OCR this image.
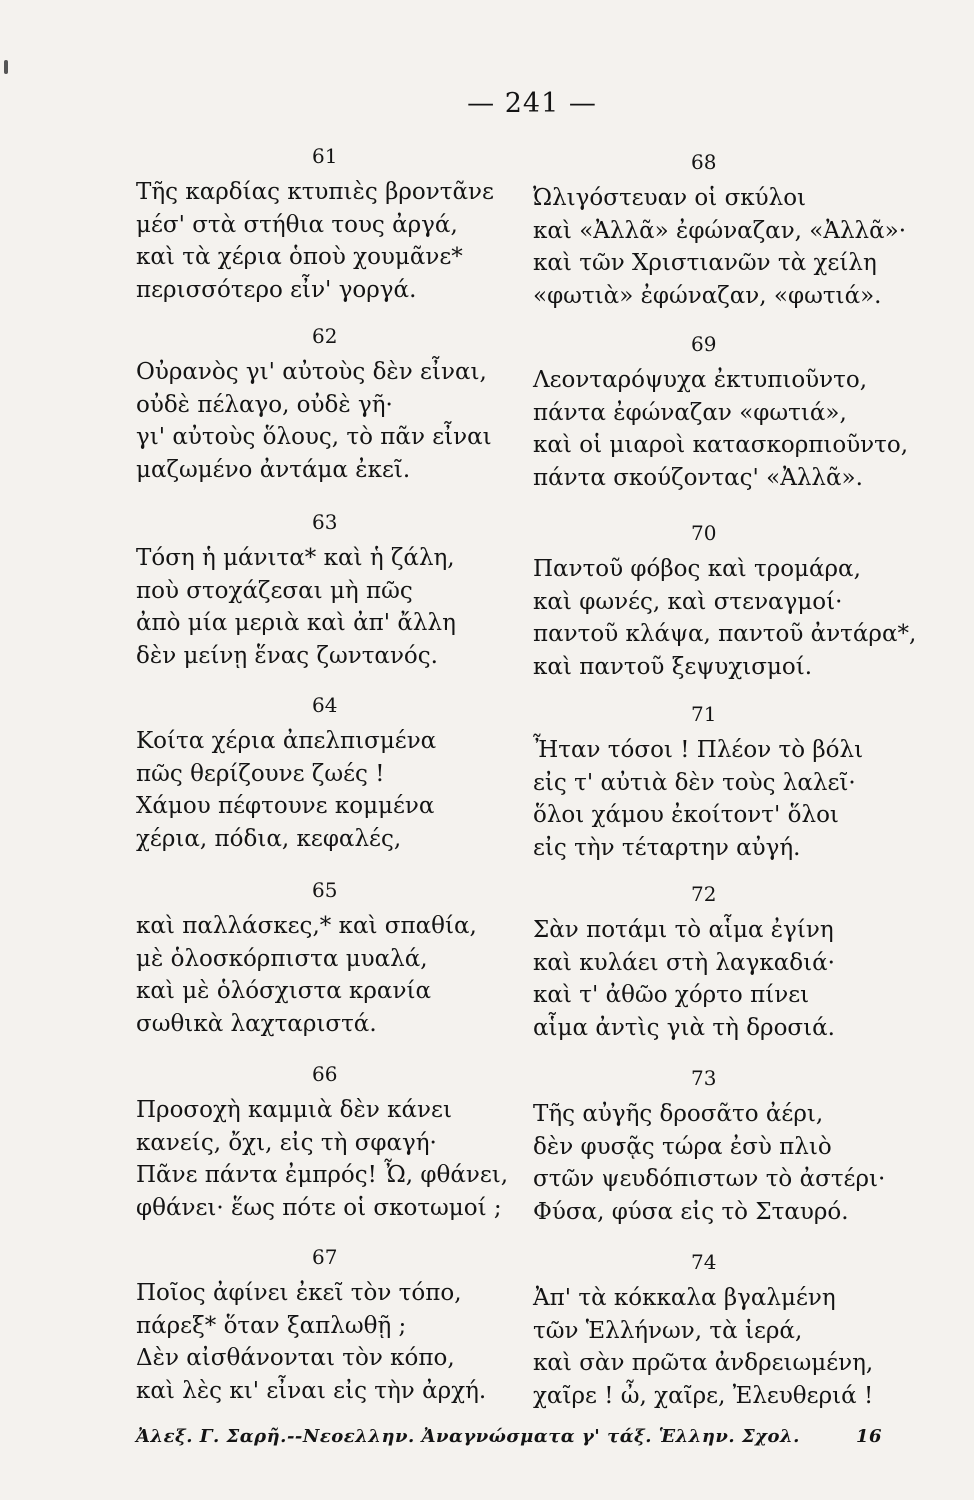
— 241 —
61
Τῆς καρδίας κτυπιὲς βροντᾶνε
μέσ' στὰ στήθια τους ἀργά,
καὶ τὰ χέρια ὁποὺ χουμᾶνε*
περισσότερο εἶν' γοργά.
62
Οὐρανὸς γι' αὐτοὺς δὲν εἶναι,
οὐδὲ πέλαγο, οὐδὲ γῆ·
γι' αὐτοὺς ὅλους, τὸ πᾶν εἶναι
μαζωμένο ἀντάμα ἐκεῖ.
63
Τόση ἡ μάνιτα* καὶ ἡ ζάλη,
ποὺ στοχάζεσαι μὴ πῶς
ἀπὸ μία μεριὰ καὶ ἀπ' ἄλλη
δὲν μείνῃ ἕνας ζωντανός.
64
Κοίτα χέρια ἀπελπισμένα
πῶς θερίζουνε ζωές !
Χάμου πέφτουνε κομμένα
χέρια, πόδια, κεφαλές,
65
καὶ παλλάσκες,* καὶ σπαθία,
μὲ ὁλοσκόρπιστα μυαλά,
καὶ μὲ ὁλόσχιστα κρανία
σωθικὰ λαχταριστά.
66
Προσοχὴ καμμιὰ δὲν κάνει
κανείς, ὄχι, εἰς τὴ σφαγή·
Πᾶνε πάντα ἐμπρός! Ὦ, φθάνει,
φθάνει· ἕως πότε οἱ σκοτωμοί ;
67
Ποῖος ἀφίνει ἐκεῖ τὸν τόπο,
πάρεξ* ὅταν ξαπλωθῇ ;
Δὲν αἰσθάνονται τὸν κόπο,
καὶ λὲς κι' εἶναι εἰς τὴν ἀρχή.
68
Ὠλιγόστευαν οἱ σκύλοι
καὶ «Ἀλλᾶ» ἐφώναζαν, «Ἀλλᾶ»·
καὶ τῶν Χριστιανῶν τὰ χείλη
«φωτιὰ» ἐφώναζαν, «φωτιά».
69
Λεονταρόψυχα ἐκτυπιοῦντο,
πάντα ἐφώναζαν «φωτιά»,
καὶ οἱ μιαροὶ κατασκορπιοῦντο,
πάντα σκούζοντας' «Ἀλλᾶ».
70
Παντοῦ φόβος καὶ τρομάρα,
καὶ φωνές, καὶ στεναγμοί·
παντοῦ κλάψα, παντοῦ ἀντάρα*,
καὶ παντοῦ ξεψυχισμοί.
71
Ἦταν τόσοι ! Πλέον τὸ βόλι
εἰς τ' αὐτιὰ δὲν τοὺς λαλεῖ·
ὅλοι χάμου ἐκοίτοντ' ὅλοι
εἰς τὴν τέταρτην αὐγή.
72
Σὰν ποτάμι τὸ αἷμα ἐγίνη
καὶ κυλάει στὴ λαγκαδιά·
καὶ τ' ἀθῶο χόρτο πίνει
αἷμα ἀντὶς γιὰ τὴ δροσιά.
73
Τῆς αὐγῆς δροσᾶτο ἀέρι,
δὲν φυσᾷς τώρα ἐσὺ πλιὸ
στῶν ψευδόπιστων τὸ ἀστέρι·
Φύσα, φύσα εἰς τὸ Σταυρό.
74
Ἀπ' τὰ κόκκαλα βγαλμένη
τῶν Ἑλλήνων, τὰ ἱερά,
καὶ σὰν πρῶτα ἀνδρειωμένη,
χαῖρε ! ὦ, χαῖρε, Ἐλευθεριά !
Ἀλεξ. Γ. Σαρῆ.--Νεοελλην. Ἀναγνώσματα γ' τάξ. Ἑλλην. Σχολ.	16
